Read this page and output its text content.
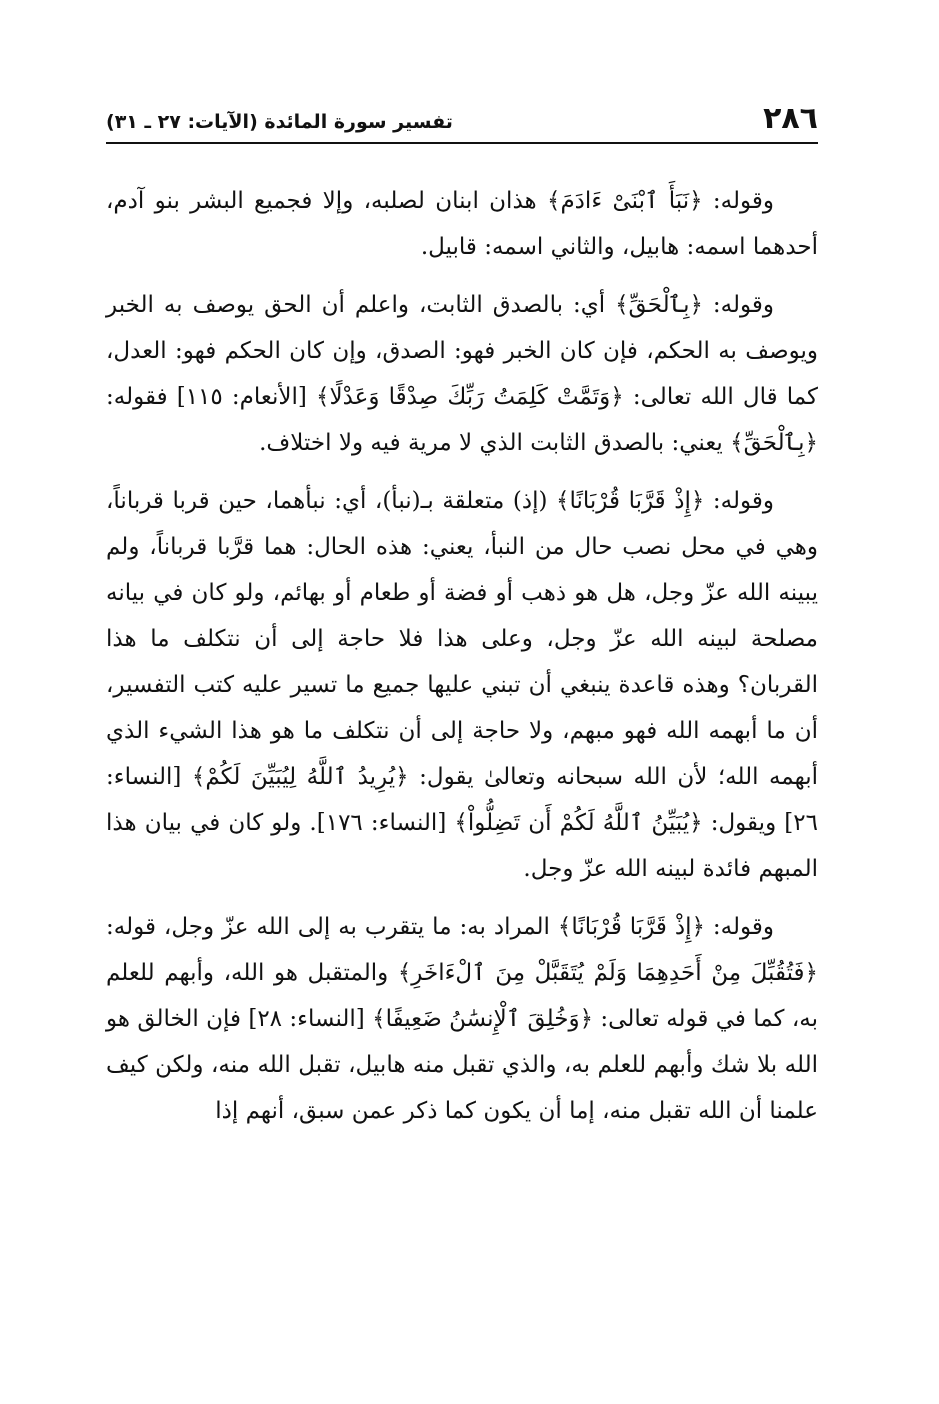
٢٨٦
تفسير سورة المائدة (الآيات: ٢٧ ـ ٣١)

وقوله: ﴿نَبَأَ ٱبْنَىْ ءَادَمَ﴾ هذان ابنان لصلبه، وإلا فجميع البشر بنو آدم، أحدهما اسمه: هابيل، والثاني اسمه: قابيل.

وقوله: ﴿بِٱلْحَقِّ﴾ أي: بالصدق الثابت، واعلم أن الحق يوصف به الخبر ويوصف به الحكم، فإن كان الخبر فهو: الصدق، وإن كان الحكم فهو: العدل، كما قال الله تعالى: ﴿وَتَمَّتْ كَلِمَتُ رَبِّكَ صِدْقًا وَعَدْلًا﴾ [الأنعام: ١١٥] فقوله: ﴿بِٱلْحَقِّ﴾ يعني: بالصدق الثابت الذي لا مرية فيه ولا اختلاف.

وقوله: ﴿إِذْ قَرَّبَا قُرْبَانًا﴾ (إذ) متعلقة بـ(نبأ)، أي: نبأهما، حين قربا قرباناً، وهي في محل نصب حال من النبأ، يعني: هذه الحال: هما قرَّبا قرباناً، ولم يبينه الله عزّ وجل، هل هو ذهب أو فضة أو طعام أو بهائم، ولو كان في بيانه مصلحة لبينه الله عزّ وجل، وعلى هذا فلا حاجة إلى أن نتكلف ما هذا القربان؟ وهذه قاعدة ينبغي أن تبني عليها جميع ما تسير عليه كتب التفسير، أن ما أبهمه الله فهو مبهم، ولا حاجة إلى أن نتكلف ما هو هذا الشيء الذي أبهمه الله؛ لأن الله سبحانه وتعالىٰ يقول: ﴿يُرِيدُ ٱللَّهُ لِيُبَيِّنَ لَكُمْ﴾ [النساء: ٢٦] ويقول: ﴿يُبَيِّنُ ٱللَّهُ لَكُمْ أَن تَضِلُّواْ﴾ [النساء: ١٧٦]. ولو كان في بيان هذا المبهم فائدة لبينه الله عزّ وجل.

وقوله: ﴿إِذْ قَرَّبَا قُرْبَانًا﴾ المراد به: ما يتقرب به إلى الله عزّ وجل، قوله: ﴿فَتُقُبِّلَ مِنْ أَحَدِهِمَا وَلَمْ يُتَقَبَّلْ مِنَ ٱلْءَاخَرِ﴾ والمتقبل هو الله، وأبهم للعلم به، كما في قوله تعالى: ﴿وَخُلِقَ ٱلْإِنسَٰنُ ضَعِيفًا﴾ [النساء: ٢٨] فإن الخالق هو الله بلا شك وأبهم للعلم به، والذي تقبل منه هابيل، تقبل الله منه، ولكن كيف علمنا أن الله تقبل منه، إما أن يكون كما ذكر عمن سبق، أنهم إذا
